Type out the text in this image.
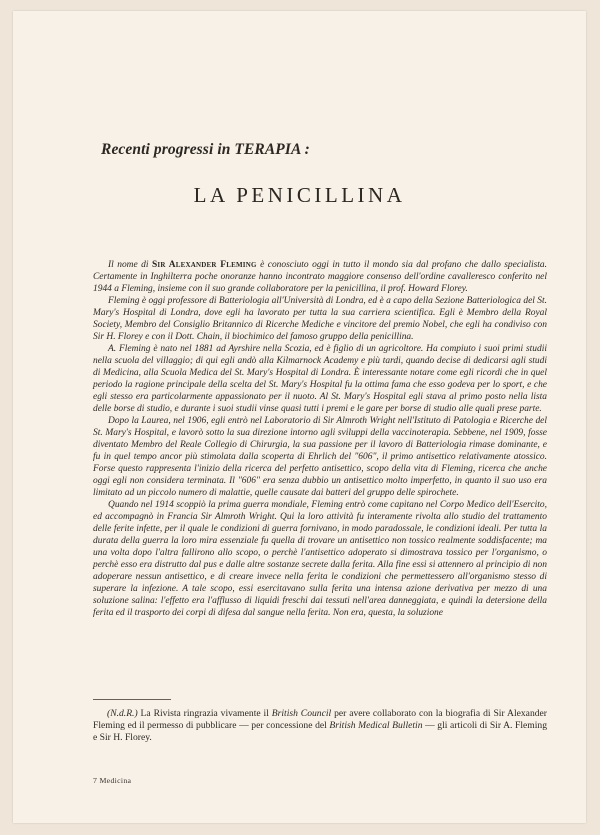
Recenti progressi in TERAPIA :
LA PENICILLINA

Il nome di Sir Alexander Fleming è conosciuto oggi in tutto il mondo sia dal profano che dallo specialista. Certamente in Inghilterra poche onoranze hanno incontrato maggiore consenso dell'ordine cavalleresco conferito nel 1944 a Fleming, insieme con il suo grande collaboratore per la penicillina, il prof. Howard Florey.

Fleming è oggi professore di Batteriologia all'Università di Londra, ed è a capo della Sezione Batteriologica del St. Mary's Hospital di Londra, dove egli ha lavorato per tutta la sua carriera scientifica. Egli è Membro della Royal Society, Membro del Consiglio Britannico di Ricerche Mediche e vincitore del premio Nobel, che egli ha condiviso con Sir H. Florey e con il Dott. Chain, il biochimico del famoso gruppo della penicillina.

A. Fleming è nato nel 1881 ad Ayrshire nella Scozia, ed è figlio di un agricoltore. Ha compiuto i suoi primi studii nella scuola del villaggio; di qui egli andò alla Kilmarnock Academy e più tardi, quando decise di dedicarsi agli studi di Medicina, alla Scuola Medica del St. Mary's Hospital di Londra. È interessante notare come egli ricordi che in quel periodo la ragione principale della scelta del St. Mary's Hospital fu la ottima fama che esso godeva per lo sport, e che egli stesso era particolarmente appassionato per il nuoto. Al St. Mary's Hospital egli stava al primo posto nella lista delle borse di studio, e durante i suoi studii vinse quasi tutti i premi e le gare per borse di studio alle quali prese parte.

Dopo la Laurea, nel 1906, egli entrò nel Laboratorio di Sir Almroth Wright nell'Istituto di Patologia e Ricerche del St. Mary's Hospital, e lavorò sotto la sua direzione intorno agli sviluppi della vaccinoterapia. Sebbene, nel 1909, fosse diventato Membro del Reale Collegio di Chirurgia, la sua passione per il lavoro di Batteriologia rimase dominante, e fu in quel tempo ancor più stimolata dalla scoperta di Ehrlich del "606", il primo antisettico relativamente atossico. Forse questo rappresenta l'inizio della ricerca del perfetto antisettico, scopo della vita di Fleming, ricerca che anche oggi egli non considera terminata. Il "606" era senza dubbio un antisettico molto imperfetto, in quanto il suo uso era limitato ad un piccolo numero di malattie, quelle causate dai batteri del gruppo delle spirochete.

Quando nel 1914 scoppiò la prima guerra mondiale, Fleming entrò come capitano nel Corpo Medico dell'Esercito, ed accompagnò in Francia Sir Almroth Wright. Qui la loro attività fu interamente rivolta allo studio del trattamento delle ferite infette, per il quale le condizioni di guerra fornivano, in modo paradossale, le condizioni ideali. Per tutta la durata della guerra la loro mira essenziale fu quella di trovare un antisettico non tossico realmente soddisfacente; ma una volta dopo l'altra fallirono allo scopo, o perchè l'antisettico adoperato si dimostrava tossico per l'organismo, o perchè esso era distrutto dal pus e dalle altre sostanze secrete dalla ferita. Alla fine essi si attennero al principio di non adoperare nessun antisettico, e di creare invece nella ferita le condizioni che permettessero all'organismo stesso di superare la infezione. A tale scopo, essi esercitavano sulla ferita una intensa azione derivativa per mezzo di una soluzione salina: l'effetto era l'afflusso di liquidi freschi dai tessuti nell'area danneggiata, e quindi la detersione della ferita ed il trasporto dei corpi di difesa dal sangue nella ferita. Non era, questa, la soluzione

(N.d.R.) La Rivista ringrazia vivamente il British Council per avere collaborato con la biografia di Sir Alexander Fleming ed il permesso di pubblicare — per concessione del British Medical Bulletin — gli articoli di Sir A. Fleming e Sir H. Florey.

7 Medicina
